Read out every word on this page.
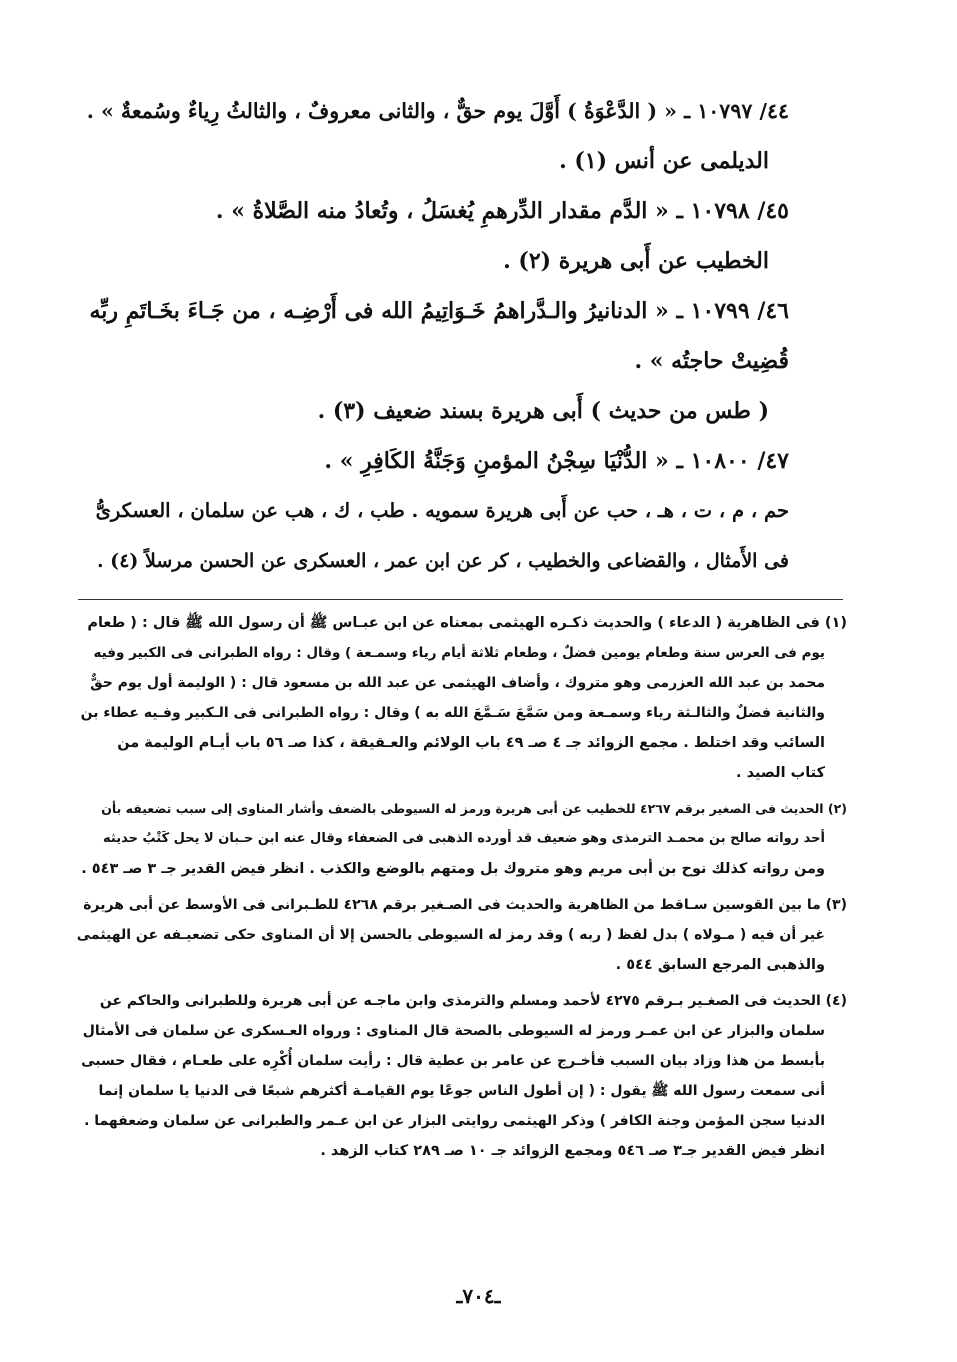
٤٤/ ١٠٧٩٧ ـ « ( الدَّعْوَةُ ) أَوَّلَ يوم حقٌّ ، والثانى معروفٌ ، والثالثُ رِياءٌ وسُمعةٌ » .
الديلمى عن أنس (١) .
٤٥/ ١٠٧٩٨ ـ « الدَّم مقدار الدِّرهمِ يُغسَلُ ، وتُعادُ منه الصَّلاةُ » .
الخطيب عن أَبى هريرة (٢) .
٤٦/ ١٠٧٩٩ ـ « الدنانيرُ والـدَّراهمُ خَـوَاتِيمُ الله فى أَرْضِـه ، من جَـاءَ بخَـاتَمِ ربِّه
قُضِيتْ حاجتُه » .
( طس من حديث ) أَبى هريرة بسند ضعيف (٣) .
٤٧/ ١٠٨٠٠ ـ « الدُّنْيَا سِجْنُ المؤمنِ وَجَنَّةُ الكَافِرِ » .
حم ، م ، ت ، هـ ، حب عن أَبى هريرة سمويه . طب ، ك ، هب عن سلمان ، العسكرىُّ
فى الأَمثال ، والقضاعى والخطيب ، كر عن ابن عمر ، العسكرى عن الحسن مرسلاً (٤) .
(١) فى الظاهرية ( الدعاء ) والحديث ذكـره الهيثمى بمعناه عن ابن عبـاس ﷺ أن رسول الله ﷺ قال : ( طعام
يوم فى العرس سنة وطعام يومين فضلٌ ، وطعام ثلاثة أيام رياء وسمـعة ) وقال : رواه الطبرانى فى الكبير وفيه
محمد بن عبد الله العزرمى وهو متروك ، وأضاف الهيثمى عن عبد الله بن مسعود قال : ( الوليمة أول يوم حقٌّ
والثانية فضلٌ والثالـثة رياء وسمـعة ومن سَمَّعَ سَـمَّعَ الله به ) وقال : رواه الطبرانى فى الـكبير وفـيه عطاء بن
السائب وقد اختلط . مجمع الزوائد جـ ٤ صـ ٤٩ باب الولائم والعـقيقة ، كذا صـ ٥٦ باب أيـام الوليمة من
كتاب الصيد .
(٢) الحديث فى الصغير برقم ٤٢٦٧ للخطيب عن أبى هريرة ورمز له السيوطى بالضعف وأشار المناوى إلى سبب تضعيفه بأن
أحد رواته صالح بن محمـد الترمذى وهو ضعيف قد أورده الذهبى فى الضعفاء وقال عنه ابن حـبان لا يحل كَتْبُ حديثه
ومن رواته كذلك نوح بن أبى مريم وهو متروك بل ومتهم بالوضع والكذب . انظر فيض القدير جـ ٣ صـ ٥٤٣ .
(٣) ما بين القوسين سـاقط من الظاهرية والحديث فى الصـغير برقم ٤٢٦٨ للطـبرانى فى الأوسط عن أبى هريرة
غير أن فيه ( مـولاه ) بدل لفظ ( ربه ) وقد رمز له السيوطى بالحسن إلا أن المناوى حكى تضعيـفه عن الهيثمى
والذهبى المرجع السابق ٥٤٤ .
(٤) الحديث فى الصغـير بـرقم ٤٢٧٥ لأحمد ومسلم والترمذى وابن ماجـه عن أبى هريرة وللطبرانى والحاكم عن
سلمان والبزار عن ابن عمـر ورمز له السيوطى بالصحة قال المناوى : ورواه العـسكرى عن سلمان فى الأمثال
بأبسط من هذا وزاد بيان السبب فأخـرج عن عامر بن عطية قال : رأيت سلمان أُكْرِه على طعـام ، فقال حسبى
أنى سمعت رسول الله ﷺ يقول : ( إن أطول الناس جوعًا يوم القيامـة أكثرهم شبعًا فى الدنيا يا سلمان إنما
الدنيا سجن المؤمن وجنة الكافر ) وذكر الهيثمى روايتى البزار عن ابن عـمر والطبرانى عن سلمان وضعفهما .
انظر فيض القدير جـ٣ صـ ٥٤٦ ومجمع الزوائد جـ ١٠ صـ ٢٨٩ كتاب الزهد .
ـ٧٠٤ـ
